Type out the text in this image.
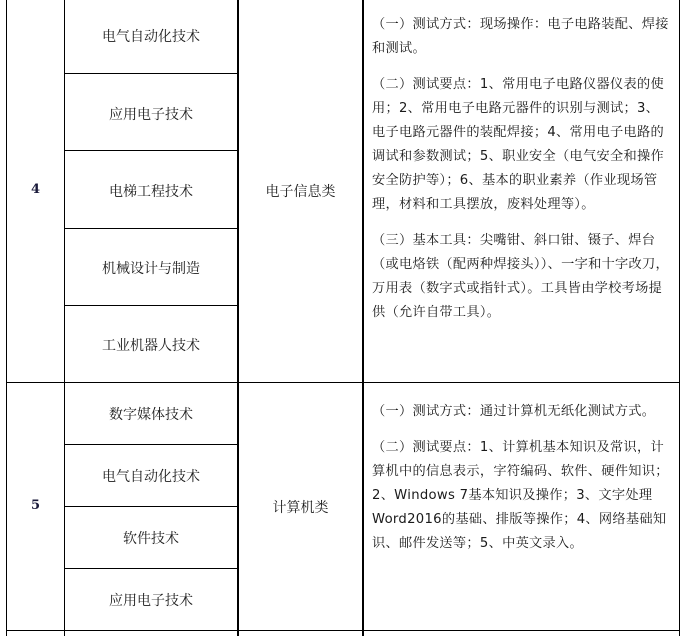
4
电气自动化技术
应用电子技术
电梯工程技术
机械设计与制造
工业机器人技术
电子信息类

（一）测试方式：现场操作：电子电路装配、焊接和测试。

（二）测试要点：1、常用电子电路仪器仪表的使用；2、常用电子电路元器件的识别与测试；3、电子电路元器件的装配焊接；4、常用电子电路的调试和参数测试；5、职业安全（电气安全和操作安全防护等）；6、基本的职业素养（作业现场管理，材料和工具摆放，废料处理等）。

（三）基本工具：尖嘴钳、斜口钳、镊子、焊台（或电烙铁（配两种焊接头））、一字和十字改刀，万用表（数字式或指针式）。工具皆由学校考场提供（允许自带工具）。

5
数字媒体技术
电气自动化技术
软件技术
应用电子技术
计算机类

（一）测试方式：通过计算机无纸化测试方式。

（二）测试要点：1、计算机基本知识及常识，计算机中的信息表示，字符编码、软件、硬件知识；2、Windows 7基本知识及操作；3、文字处理Word2016的基础、排版等操作；4、网络基础知识、邮件发送等；5、中英文录入。
